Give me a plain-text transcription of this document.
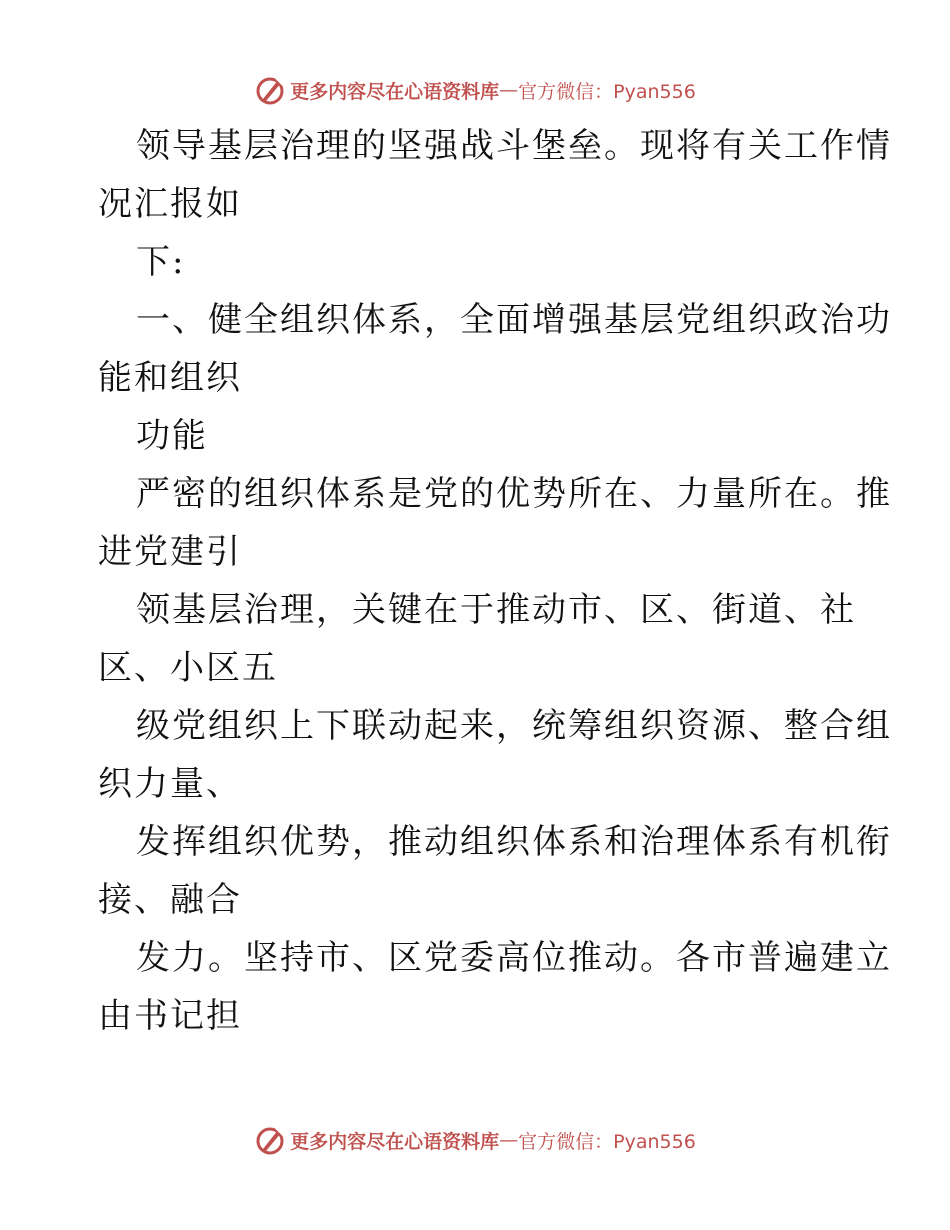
更多内容尽在心语资料库 — 官方微信：Pyan556
领导基层治理的坚强战斗堡垒。现将有关工作情
况汇报如
下:
一、健全组织体系，全面增强基层党组织政治功
能和组织
功能
严密的组织体系是党的优势所在、力量所在。推
进党建引
领基层治理，关键在于推动市、区、街道、社
区、小区五
级党组织上下联动起来，统筹组织资源、整合组
织力量、
发挥组织优势，推动组织体系和治理体系有机衔
接、融合
发力。坚持市、区党委高位推动。各市普遍建立
由书记担
更多内容尽在心语资料库 — 官方微信：Pyan556
